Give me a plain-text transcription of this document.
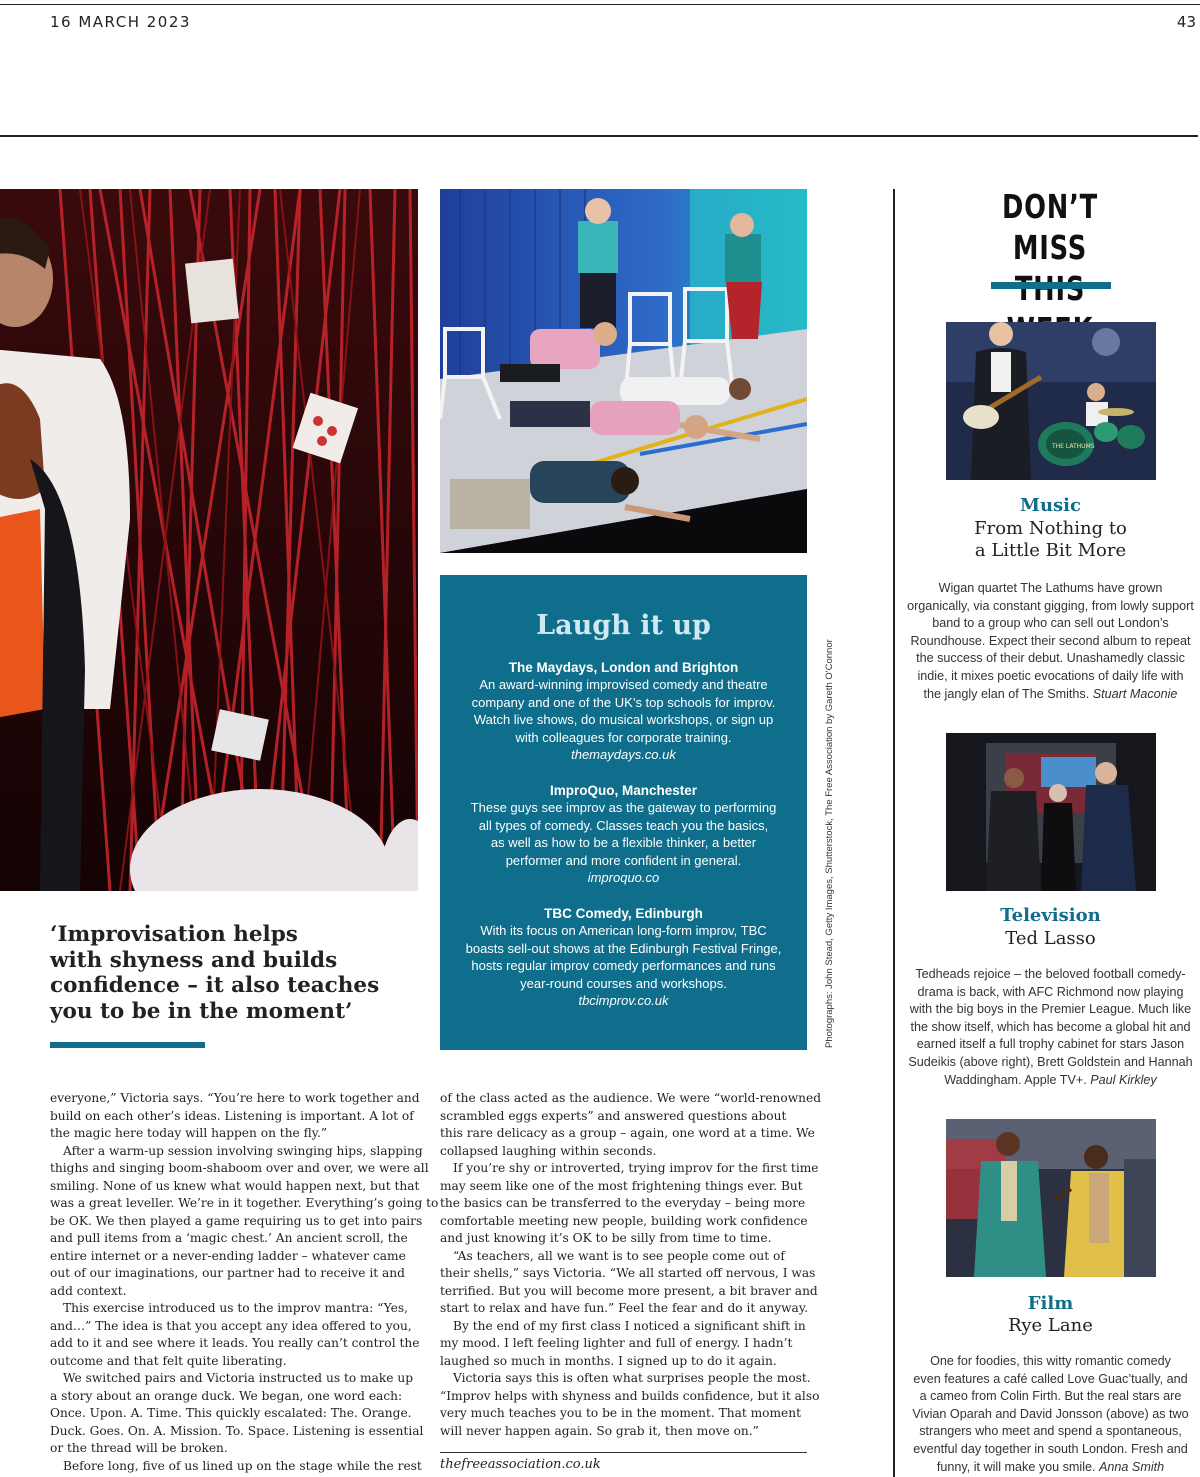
16 MARCH 2023	43
‘Improvisation helps
with shyness and builds
confidence – it also teaches
you to be in the moment’
Laugh it up
The Maydays, London and Brighton
An award-winning improvised comedy and theatre
company and one of the UK’s top schools for improv.
Watch live shows, do musical workshops, or sign up
with colleagues for corporate training.
themaydays.co.uk
ImproQuo, Manchester
These guys see improv as the gateway to performing
all types of comedy. Classes teach you the basics,
as well as how to be a flexible thinker, a better
performer and more confident in general.
improquo.co
TBC Comedy, Edinburgh
With its focus on American long-form improv, TBC
boasts sell-out shows at the Edinburgh Festival Fringe,
hosts regular improv comedy performances and runs
year-round courses and workshops.
tbcimprov.co.uk	Photographs: John Stead, Getty Images, Shutterstock, The Free Association by Gareth O'Connor
everyone,” Victoria says. “You’re here to work together and
build on each other’s ideas. Listening is important. A lot of
the magic here today will happen on the fly.”
After a warm-up session involving swinging hips, slapping
thighs and singing boom-shaboom over and over, we were all
smiling. None of us knew what would happen next, but that
was a great leveller. We’re in it together. Everything’s going to
be OK. We then played a game requiring us to get into pairs
and pull items from a ‘magic chest.’ An ancient scroll, the
entire internet or a never-ending ladder – whatever came
out of our imaginations, our partner had to receive it and
add context.
This exercise introduced us to the improv mantra: “Yes,
and…” The idea is that you accept any idea offered to you,
add to it and see where it leads. You really can’t control the
outcome and that felt quite liberating.
We switched pairs and Victoria instructed us to make up
a story about an orange duck. We began, one word each:
Once. Upon. A. Time. This quickly escalated: The. Orange.
Duck. Goes. On. A. Mission. To. Space. Listening is essential
or the thread will be broken.
Before long, five of us lined up on the stage while the rest
of the class acted as the audience. We were “world-renowned
scrambled eggs experts” and answered questions about
this rare delicacy as a group – again, one word at a time. We
collapsed laughing within seconds.
If you’re shy or introverted, trying improv for the first time
may seem like one of the most frightening things ever. But
the basics can be transferred to the everyday – being more
comfortable meeting new people, building work confidence
and just knowing it’s OK to be silly from time to time.
“As teachers, all we want is to see people come out of
their shells,” says Victoria. “We all started off nervous, I was
terrified. But you will become more present, a bit braver and
start to relax and have fun.” Feel the fear and do it anyway.
By the end of my first class I noticed a significant shift in
my mood. I left feeling lighter and full of energy. I hadn’t
laughed so much in months. I signed up to do it again.
Victoria says this is often what surprises people the most.
“Improv helps with shyness and builds confidence, but it also
very much teaches you to be in the moment. That moment
will never happen again. So grab it, then move on.”
thefreeassociation.co.uk
DON’T MISS
THE LATHUMS
Music
From Nothing to
a Little Bit More
Wigan quartet The Lathums have grown
organically, via constant gigging, from lowly support
band to a group who can sell out London’s
Roundhouse. Expect their second album to repeat
the success of their debut. Unashamedly classic
indie, it mixes poetic evocations of daily life with
the jangly elan of The Smiths. Stuart Maconie
Television
Ted Lasso
Tedheads rejoice – the beloved football comedy-
drama is back, with AFC Richmond now playing
with the big boys in the Premier League. Much like
the show itself, which has become a global hit and
earned itself a full trophy cabinet for stars Jason
Sudeikis (above right), Brett Goldstein and Hannah
Waddingham. Apple TV+. Paul Kirkley
Film
Rye Lane
One for foodies, this witty romantic comedy
even features a café called Love Guac’tually, and
a cameo from Colin Firth. But the real stars are
Vivian Oparah and David Jonsson (above) as two
strangers who meet and spend a spontaneous,
eventful day together in south London. Fresh and
funny, it will make you smile. Anna Smith
